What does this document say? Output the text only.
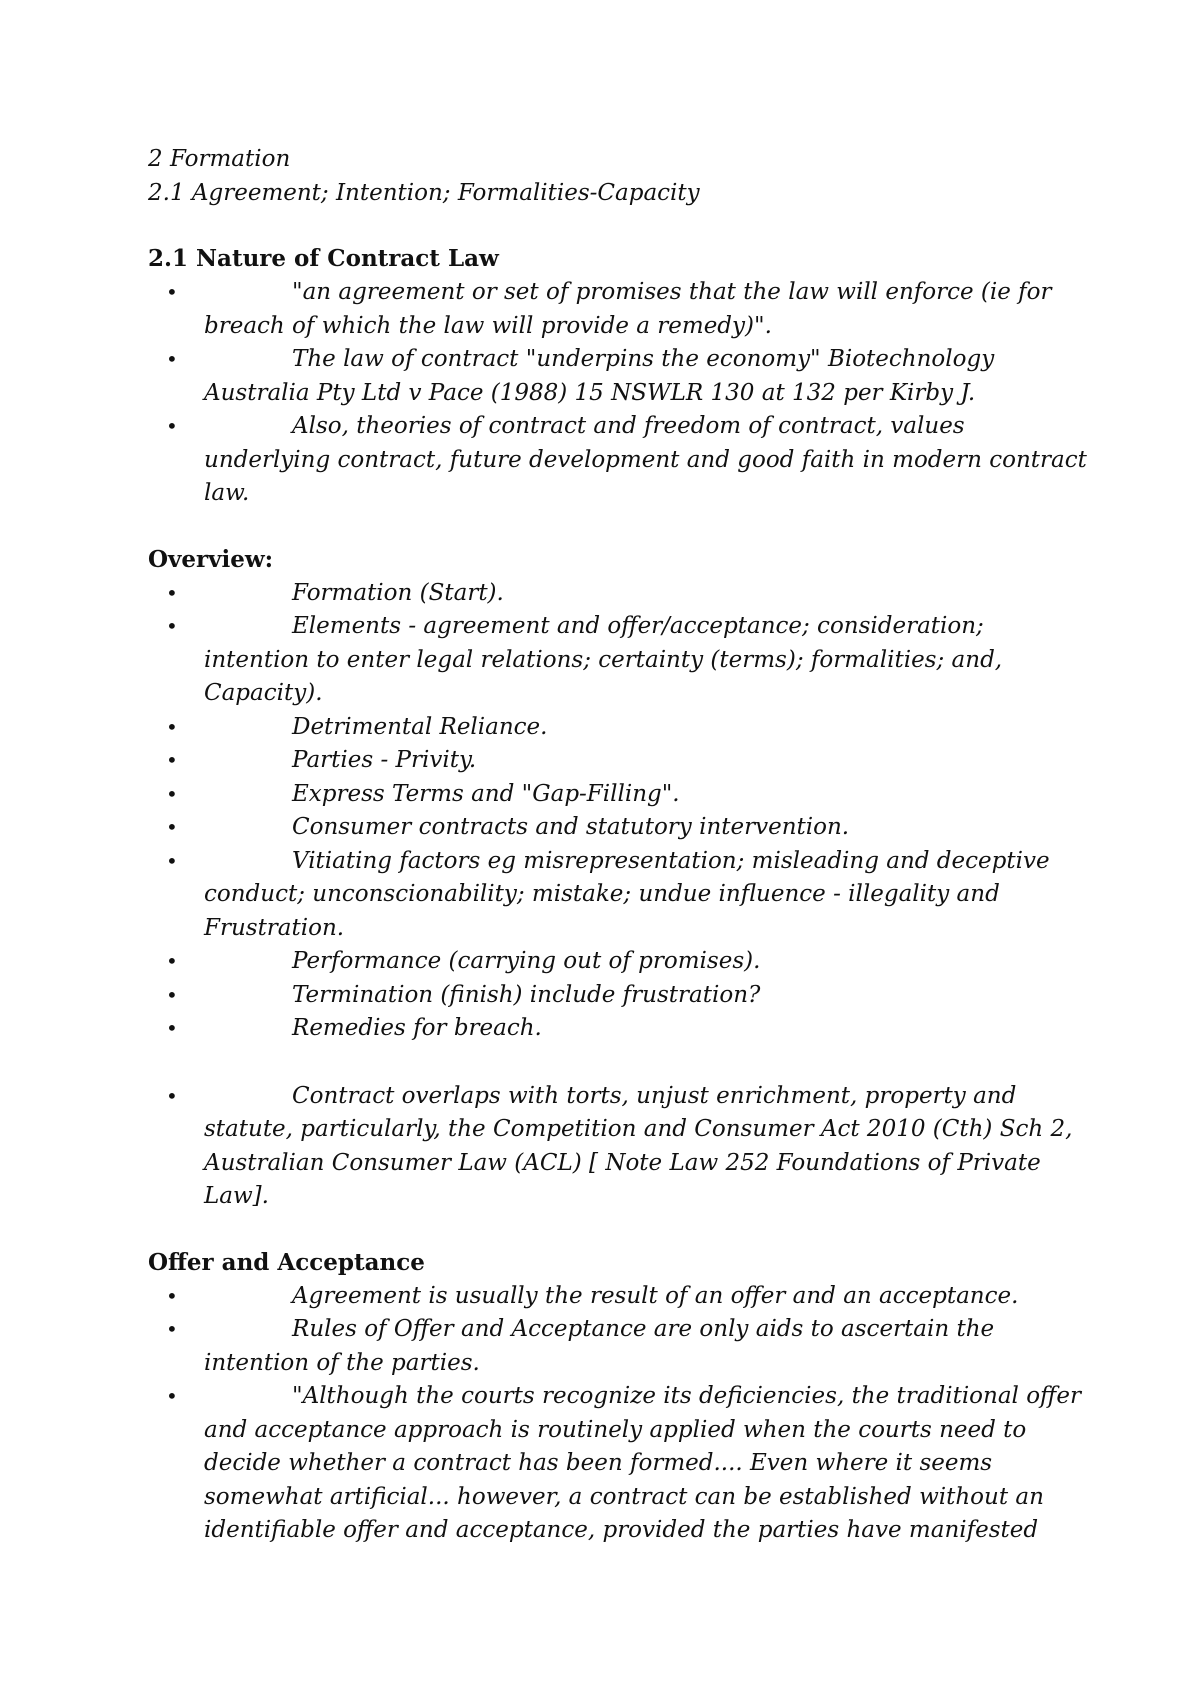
2 Formation

2.1 Agreement; Intention; Formalities-Capacity

2.1 Nature of Contract Law

•	"an agreement or set of promises that the law will enforce (ie for breach of which the law will provide a remedy)".
•	The law of contract "underpins the economy" Biotechnology Australia Pty Ltd v Pace (1988) 15 NSWLR 130 at 132 per Kirby J.
•	Also, theories of contract and freedom of contract, values underlying contract, future development and good faith in modern contract law.

Overview:

•	Formation (Start).
•	Elements - agreement and offer/acceptance; consideration; intention to enter legal relations; certainty (terms); formalities; and, Capacity).
•	Detrimental Reliance.
•	Parties - Privity.
•	Express Terms and "Gap-Filling".
•	Consumer contracts and statutory intervention.
•	Vitiating factors eg misrepresentation; misleading and deceptive conduct; unconscionability; mistake; undue influence - illegality and Frustration.
•	Performance (carrying out of promises).
•	Termination (finish) include frustration?
•	Remedies for breach.
•	Contract overlaps with torts, unjust enrichment, property and statute, particularly, the Competition and Consumer Act 2010 (Cth) Sch 2, Australian Consumer Law (ACL) [ Note Law 252 Foundations of Private Law].

Offer and Acceptance

•	Agreement is usually the result of an offer and an acceptance.
•	Rules of Offer and Acceptance are only aids to ascertain the intention of the parties.
•	"Although the courts recognize its deficiencies, the traditional offer and acceptance approach is routinely applied when the courts need to decide whether a contract has been formed.... Even where it seems somewhat artificial... however, a contract can be established without an identifiable offer and acceptance, provided the parties have manifested
